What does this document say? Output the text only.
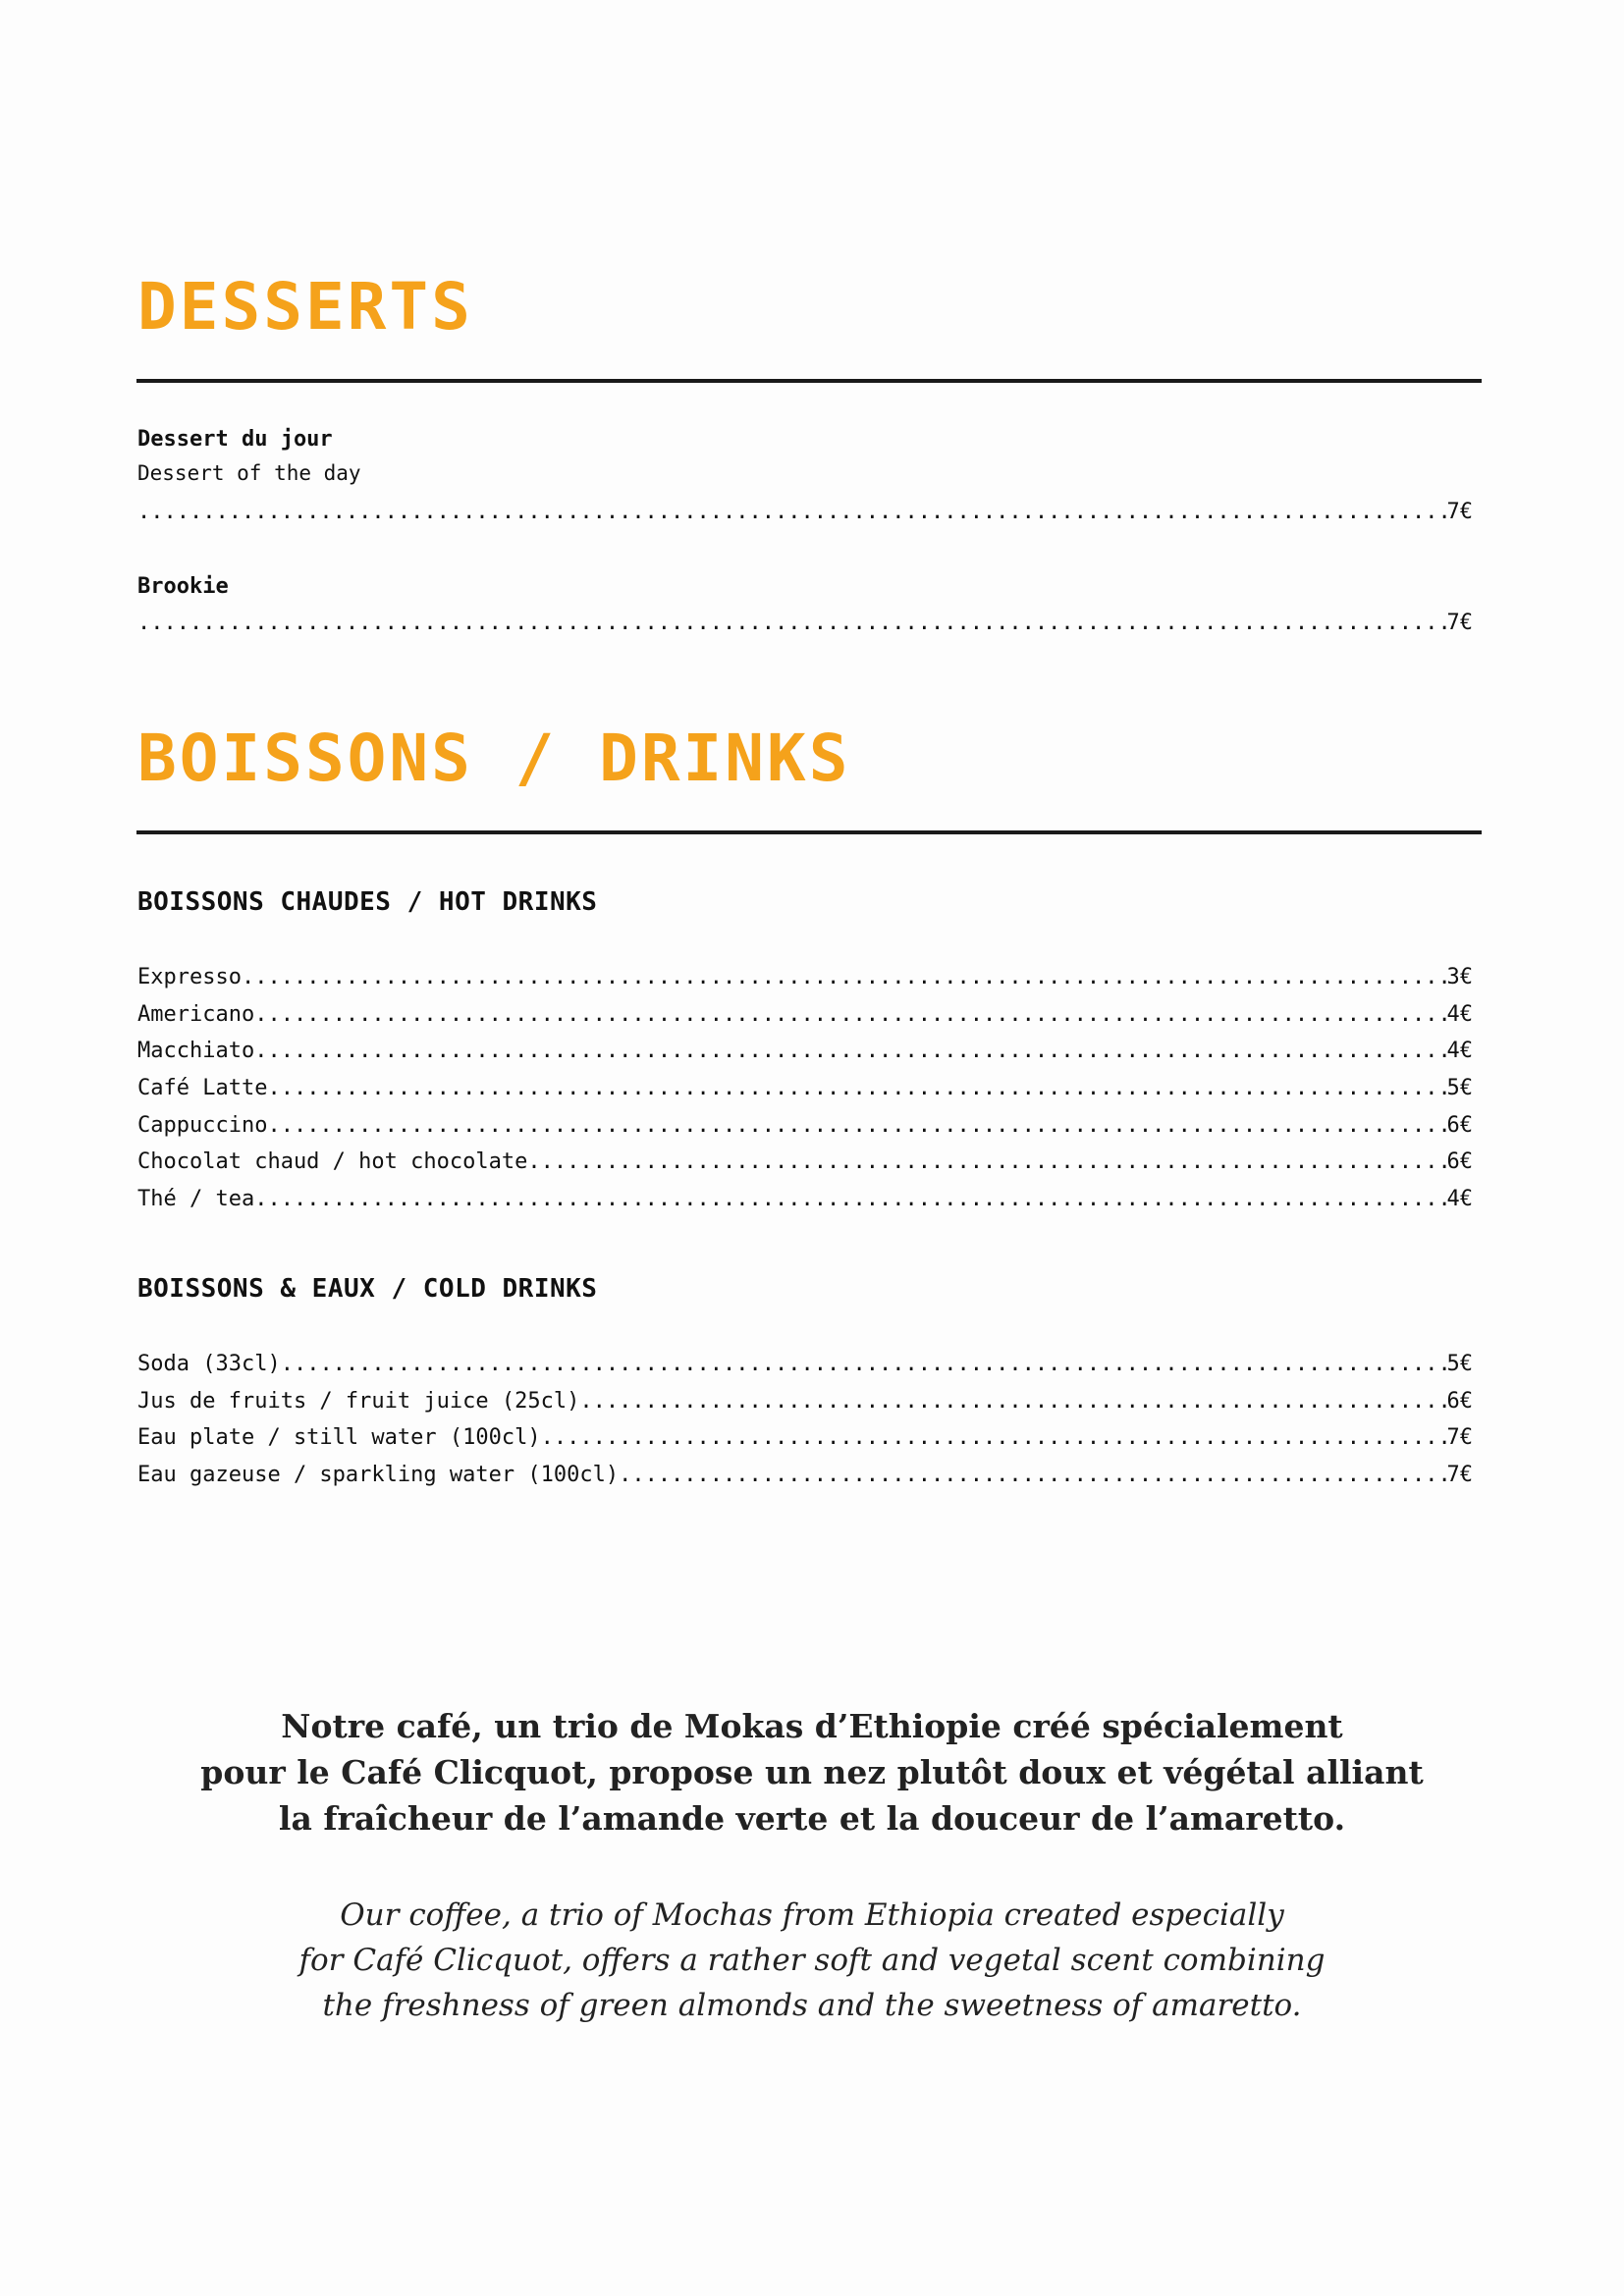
DESSERTS
Dessert du jour
Dessert of the day
.....
7€
Brookie
.....
7€
BOISSONS / DRINKS
BOISSONS CHAUDES / HOT DRINKS
Expresso .....	3€
Americano .....	4€
Macchiato .....	4€
Café Latte .....	5€
Cappuccino .....	6€
Chocolat chaud / hot chocolate .....	6€
Thé / tea .....	4€
BOISSONS & EAUX / COLD DRINKS
Soda (33cl) .....	5€
Jus de fruits / fruit juice (25cl) .....	6€
Eau plate / still water (100cl) .....	7€
Eau gazeuse / sparkling water (100cl) .....	7€

Notre café, un trio de Mokas d’Ethiopie créé spécialement
pour le Café Clicquot, propose un nez plutôt doux et végétal alliant
la fraîcheur de l’amande verte et la douceur de l’amaretto.

Our coffee, a trio of Mochas from Ethiopia created especially
for Café Clicquot, offers a rather soft and vegetal scent combining
the freshness of green almonds and the sweetness of amaretto.
